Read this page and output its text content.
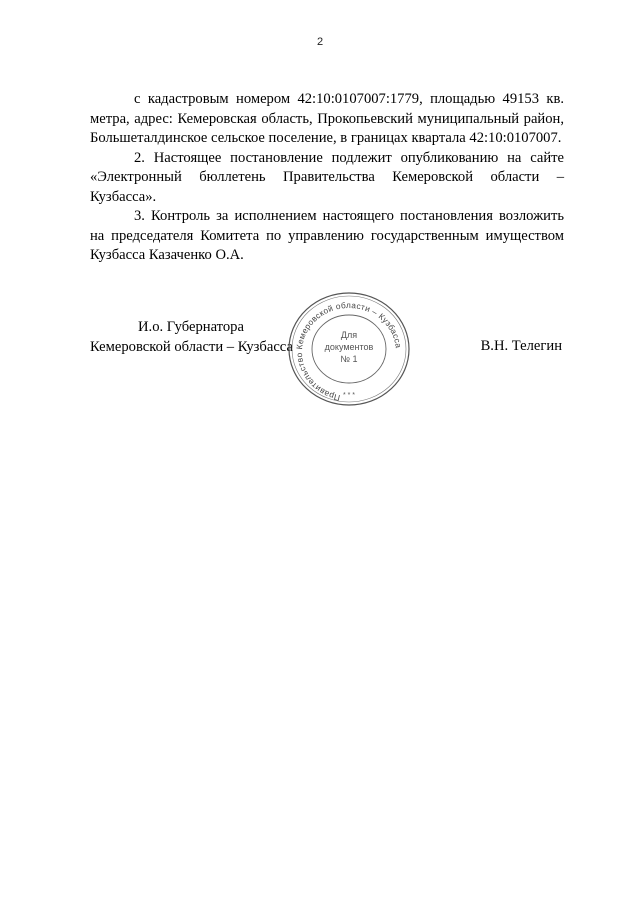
2

с кадастровым номером 42:10:0107007:1779, площадью 49153 кв. метра, адрес: Кемеровская область, Прокопьевский муниципальный район, Большеталдинское сельское поселение, в границах квартала 42:10:0107007.

2. Настоящее постановление подлежит опубликованию на сайте «Электронный бюллетень Правительства Кемеровской области – Кузбасса».

3. Контроль за исполнением настоящего постановления возложить на председателя Комитета по управлению государственным имуществом Кузбасса Казаченко О.А.

И.о. Губернатора
Кемеровской области – Кузбасса	В.Н. Телегин
Правительство Кемеровской области – Кузбасса
Для
документов
№ 1
* * *
